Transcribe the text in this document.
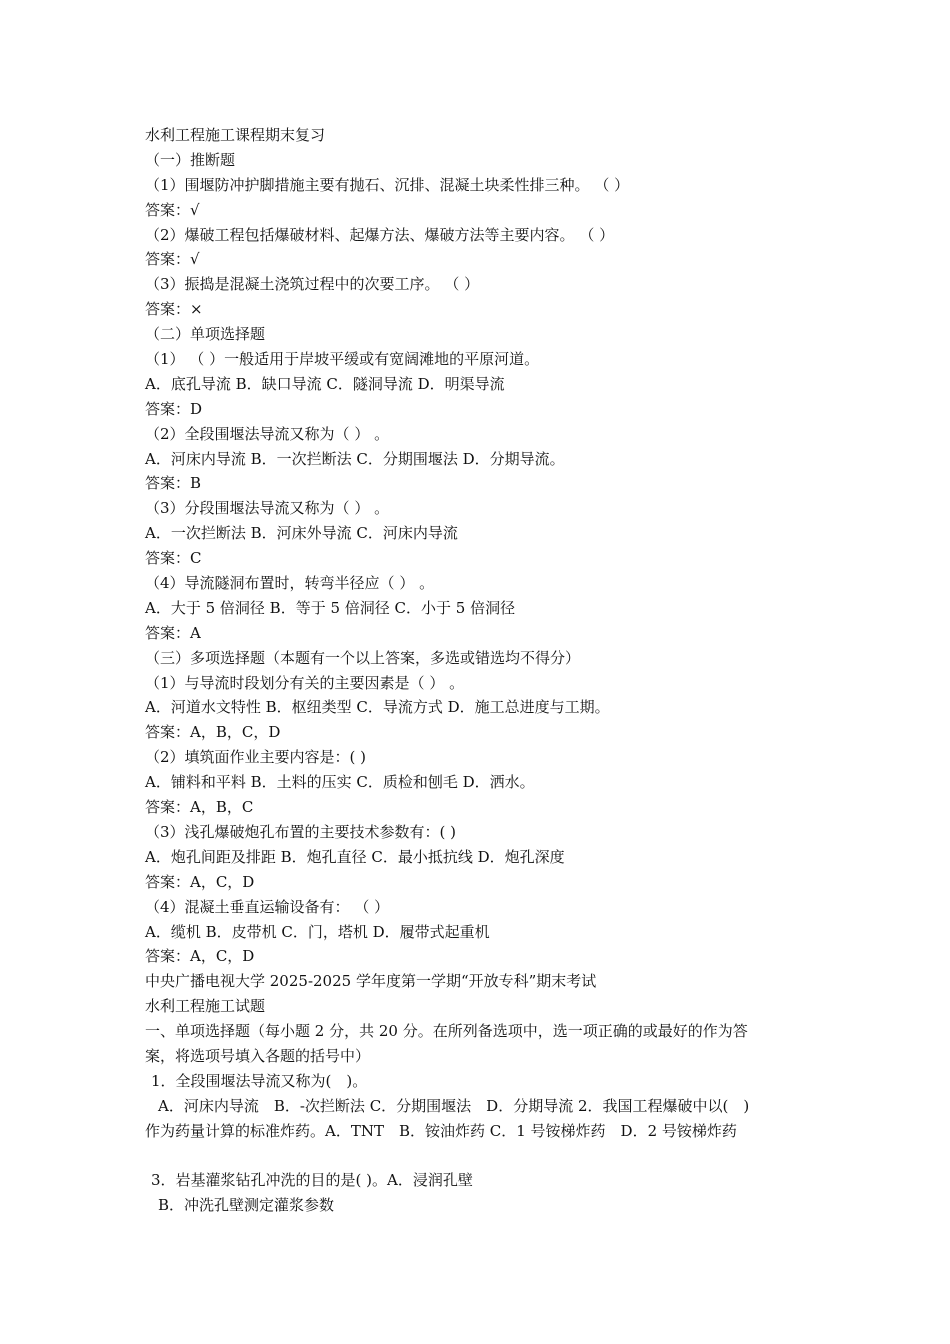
水利工程施工课程期末复习
（一）推断题
（1）围堰防冲护脚措施主要有抛石、沉排、混凝土块柔性排三种。 （ ）
答案：√
（2）爆破工程包括爆破材料、起爆方法、爆破方法等主要内容。 （ ）
答案：√
（3）振捣是混凝土浇筑过程中的次要工序。 （ ）
答案：×
（二）单项选择题
（1） （ ）一般适用于岸坡平缓或有宽阔滩地的平原河道。
A．底孔导流 B．缺口导流 C．隧洞导流 D．明渠导流
答案：D
（2）全段围堰法导流又称为（ ） 。
A．河床内导流 B．一次拦断法 C．分期围堰法 D．分期导流。
答案：B
（3）分段围堰法导流又称为（ ） 。
A．一次拦断法 B．河床外导流 C．河床内导流
答案：C
（4）导流隧洞布置时，转弯半径应（ ） 。
A．大于 5 倍洞径 B．等于 5 倍洞径 C．小于 5 倍洞径
答案：A
（三）多项选择题（本题有一个以上答案，多选或错选均不得分）
（1）与导流时段划分有关的主要因素是（ ） 。
A．河道水文特性 B．枢纽类型 C．导流方式 D．施工总进度与工期。
答案：A，B，C，D
（2）填筑面作业主要内容是：( )
A．铺料和平料 B．土料的压实 C．质检和刨毛 D．洒水。
答案：A，B，C
（3）浅孔爆破炮孔布置的主要技术参数有：( )
A．炮孔间距及排距 B．炮孔直径 C．最小抵抗线 D．炮孔深度
答案：A，C，D
（4）混凝土垂直运输设备有： （ ）
A．缆机 B．皮带机 C．门，塔机 D．履带式起重机
答案：A，C，D
中央广播电视大学 2025-2025 学年度第一学期“开放专科”期末考试
水利工程施工试题
一、单项选择题（每小题 2 分，共 20 分。在所列备选项中，选一项正确的或最好的作为答
案，将选项号填入各题的括号中）
1．全段围堰法导流又称为(　)。
A．河床内导流　B．-次拦断法 C．分期围堰法　D．分期导流 2．我国工程爆破中以(　)
作为药量计算的标准炸药。A．TNT　B．铵油炸药 C．1 号铵梯炸药　D．2 号铵梯炸药
3．岩基灌浆钻孔冲洗的目的是( )。A．浸润孔壁
B．冲洗孔壁测定灌浆参数
